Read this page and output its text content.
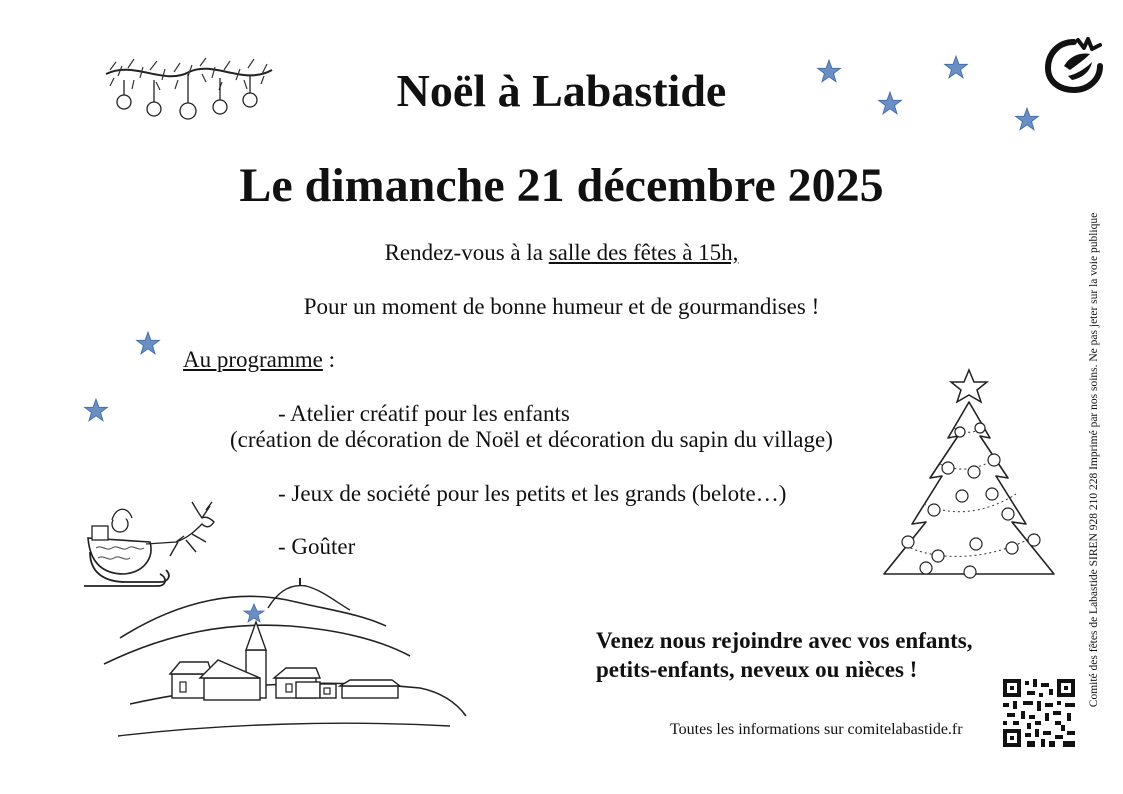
Noël à Labastide
Le dimanche 21 décembre 2025
Rendez-vous à la salle des fêtes à 15h,
Pour un moment de bonne humeur et de gourmandises !
Au programme :
- Atelier créatif pour les enfants
(création de décoration de Noël et décoration du sapin du village)
- Jeux de société pour les petits et les grands (belote…)
- Goûter
Venez nous rejoindre avec vos enfants,
petits-enfants, neveux ou nièces !
Toutes les informations sur comitelabastide.fr
Comité des fêtes de Labastide SIREN 928 210 228 Imprimé par nos soins. Ne pas jeter sur la voie publique
